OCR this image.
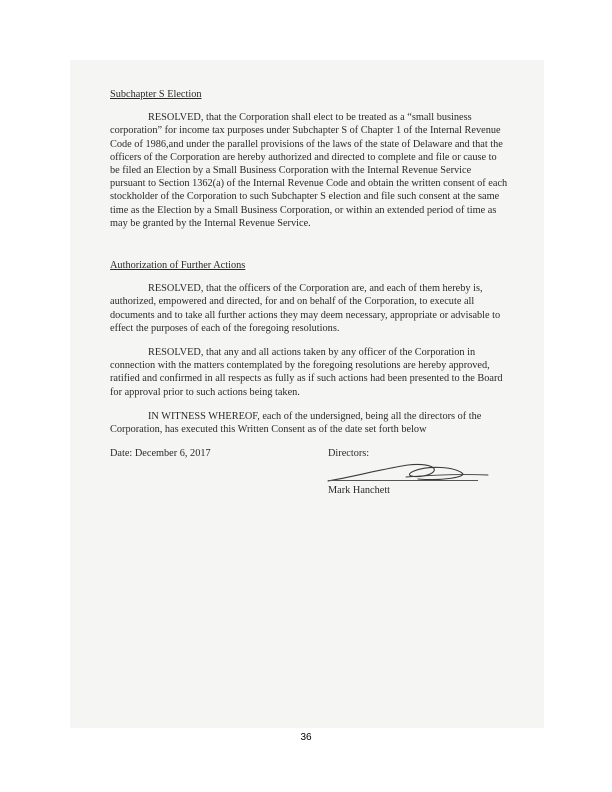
Subchapter S Election

RESOLVED, that the Corporation shall elect to be treated as a “small business corporation” for income tax purposes under Subchapter S of Chapter 1 of the Internal Revenue Code of 1986,and under the parallel provisions of the laws of the state of Delaware and that the officers of the Corporation are hereby authorized and directed to complete and file or cause to be filed an Election by a Small Business Corporation with the Internal Revenue Service pursuant to Section 1362(a) of the Internal Revenue Code and obtain the written consent of each stockholder of the Corporation to such Subchapter S election and file such consent at the same time as the Election by a Small Business Corporation, or within an extended period of time as may be granted by the Internal Revenue Service.

Authorization of Further Actions

RESOLVED, that the officers of the Corporation are, and each of them hereby is, authorized, empowered and directed, for and on behalf of the Corporation, to execute all documents and to take all further actions they may deem necessary, appropriate or advisable to effect the purposes of each of the foregoing resolutions.

RESOLVED, that any and all actions taken by any officer of the Corporation in connection with the matters contemplated by the foregoing resolutions are hereby approved, ratified and confirmed in all respects as fully as if such actions had been presented to the Board for approval prior to such actions being taken.

IN WITNESS WHEREOF, each of the undersigned, being all the directors of the Corporation, has executed this Written Consent as of the date set forth below

Date: December 6, 2017	Directors:
Mark Hanchett
36
